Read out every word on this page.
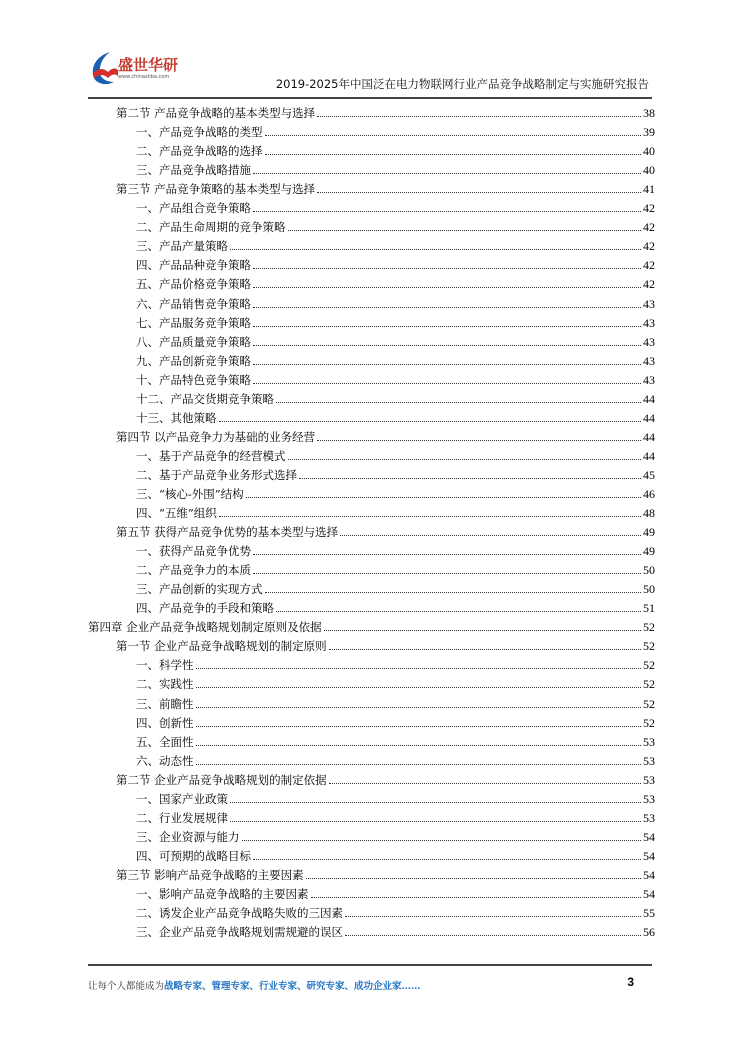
盛世华研
www.chinashba.com	2019-2025年中国泛在电力物联网行业产品竞争战略制定与实施研究报告
第二节 产品竞争战略的基本类型与选择	38
一、产品竞争战略的类型	39
二、产品竞争战略的选择	40
三、产品竞争战略措施	40
第三节 产品竞争策略的基本类型与选择	41
一、产品组合竞争策略	42
二、产品生命周期的竞争策略	42
三、产品产量策略	42
四、产品品种竞争策略	42
五、产品价格竞争策略	42
六、产品销售竞争策略	43
七、产品服务竞争策略	43
八、产品质量竞争策略	43
九、产品创新竞争策略	43
十、产品特色竞争策略	43
十二、产品交货期竞争策略	44
十三、其他策略	44
第四节 以产品竞争力为基础的业务经营	44
一、基于产品竞争的经营模式	44
二、基于产品竞争业务形式选择	45
三、“核心-外围”结构	46
四、“五维”组织	48
第五节 获得产品竞争优势的基本类型与选择	49
一、获得产品竞争优势	49
二、产品竞争力的本质	50
三、产品创新的实现方式	50
四、产品竞争的手段和策略	51
第四章 企业产品竞争战略规划制定原则及依据	52
第一节 企业产品竞争战略规划的制定原则	52
一、科学性	52
二、实践性	52
三、前瞻性	52
四、创新性	52
五、全面性	53
六、动态性	53
第二节 企业产品竞争战略规划的制定依据	53
一、国家产业政策	53
二、行业发展规律	53
三、企业资源与能力	54
四、可预期的战略目标	54
第三节 影响产品竞争战略的主要因素	54
一、影响产品竞争战略的主要因素	54
二、诱发企业产品竞争战略失败的三因素	55
三、企业产品竞争战略规划需规避的误区	56
让每个人都能成为战略专家、管理专家、行业专家、研究专家、成功企业家……	3
